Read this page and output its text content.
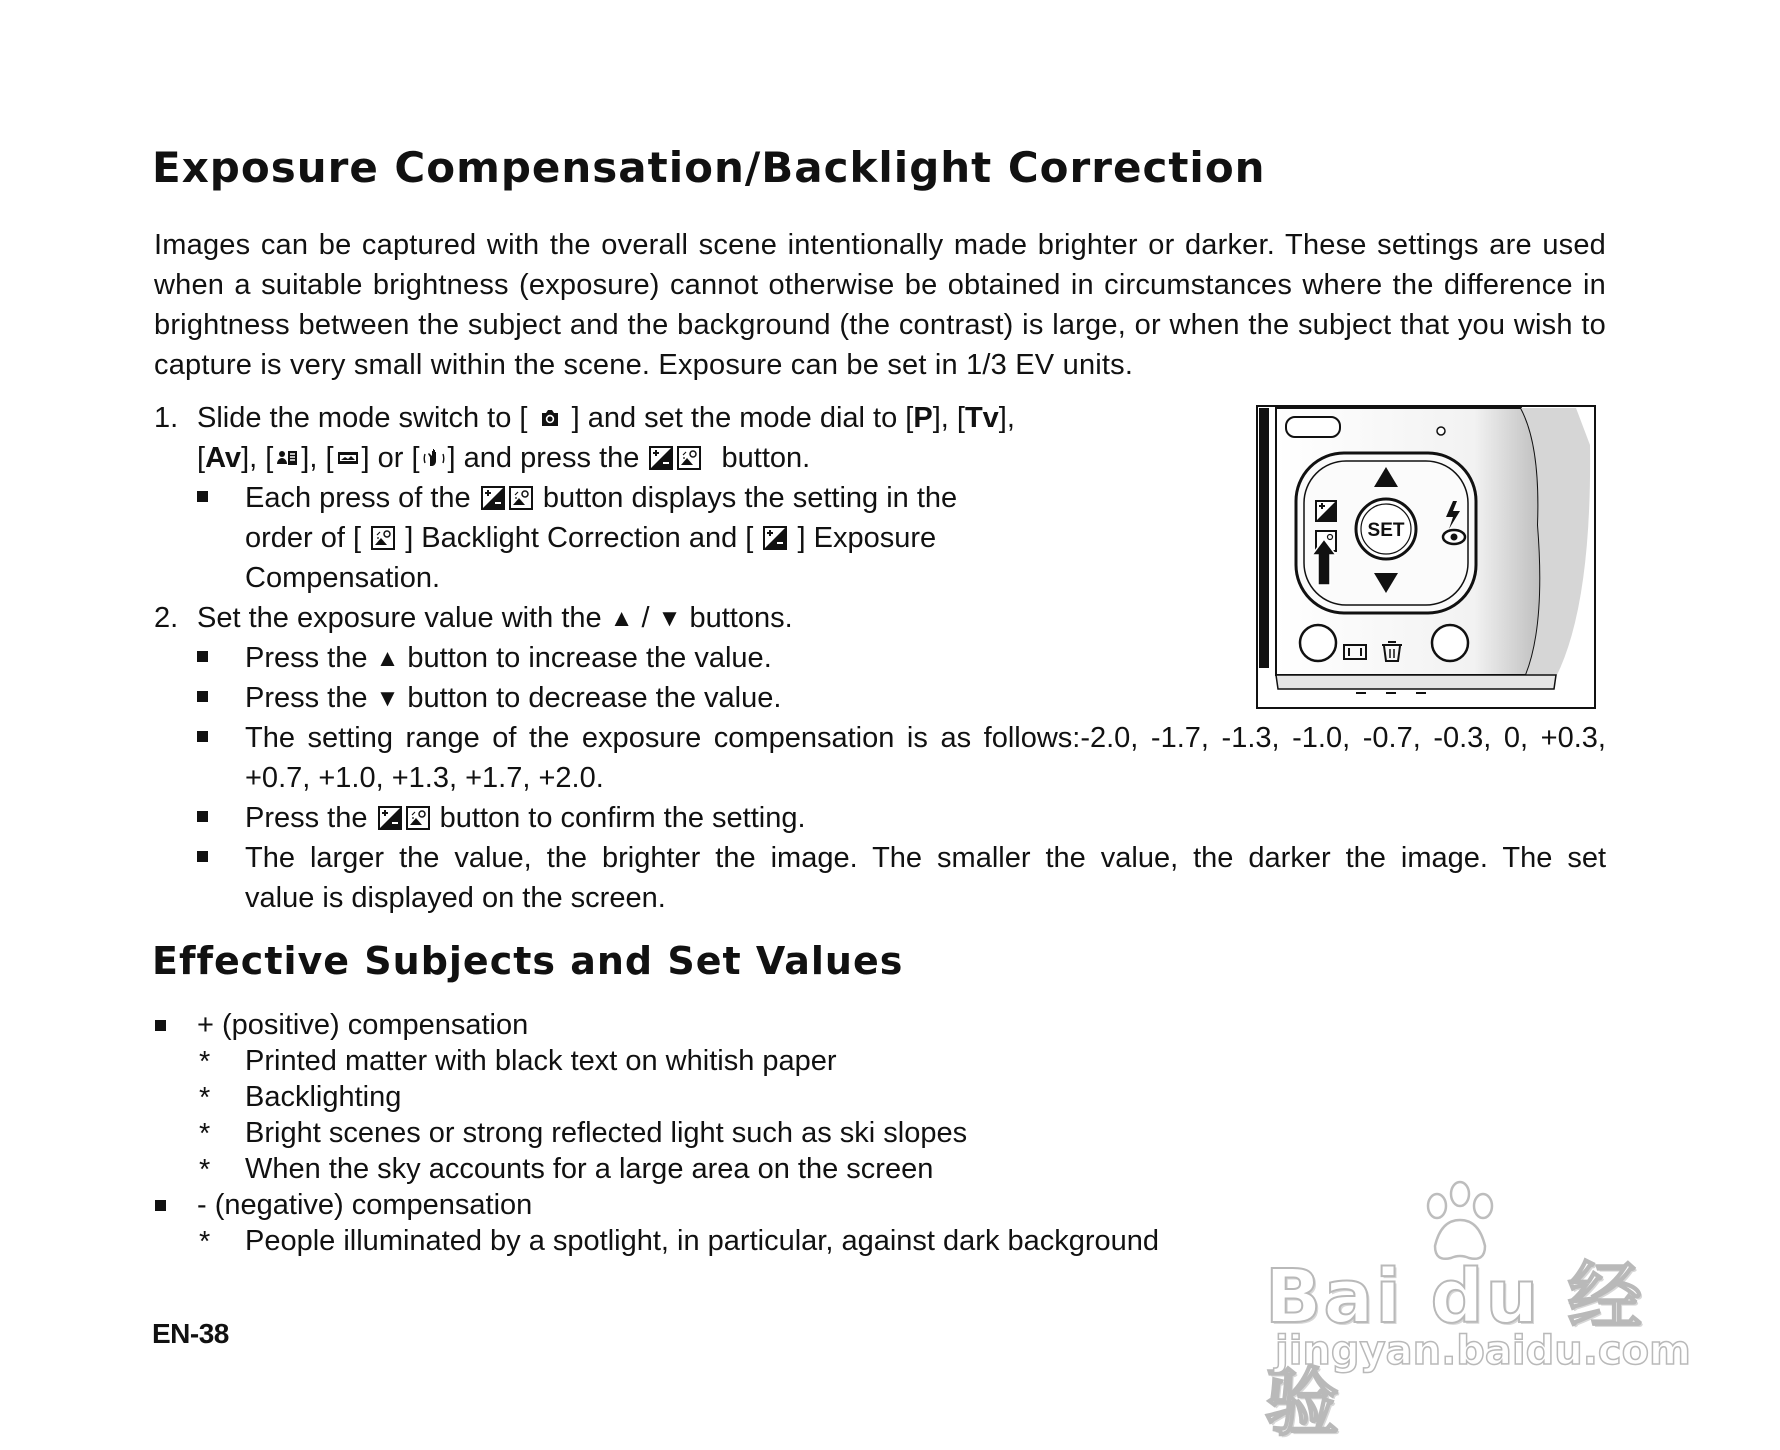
Exposure Compensation/Backlight Correction

Images can be captured with the overall scene intentionally made brighter or darker. These settings are used when a suitable brightness (exposure) cannot otherwise be obtained in circumstances where the difference in brightness between the subject and the background (the contrast) is large, or when the subject that you wish to capture is very small within the scene. Exposure can be set in 1/3 EV units.

1. Slide the mode switch to [ ] and set the mode dial to [P], [Tv],
[Av], [ ], [ ] or [ ] and press the	button.
Each press of the button displays the setting in the
order of [ ] Backlight Correction and [ ] Exposure
Compensation.
2. Set the exposure value with the ▲ / ▼ buttons.
Press the ▲ button to increase the value.
Press the ▼ button to decrease the value.
The setting range of the exposure compensation is as follows:-2.0, -1.7, -1.3, -1.0, -0.7, -0.3, 0, +0.3,
+0.7, +1.0, +1.3, +1.7, +2.0.
Press the button to confirm the setting.
The larger the value, the brighter the image. The smaller the value, the darker the image. The set
value is displayed on the screen.
SET
Effective Subjects and Set Values
+ (positive) compensation
* Printed matter with black text on whitish paper
* Backlighting
* Bright scenes or strong reflected light such as ski slopes
* When the sky accounts for a large area on the screen
- (negative) compensation
* People illuminated by a spotlight, in particular, against dark background
EN-38	Bai du 经验
jingyan.baidu.com
